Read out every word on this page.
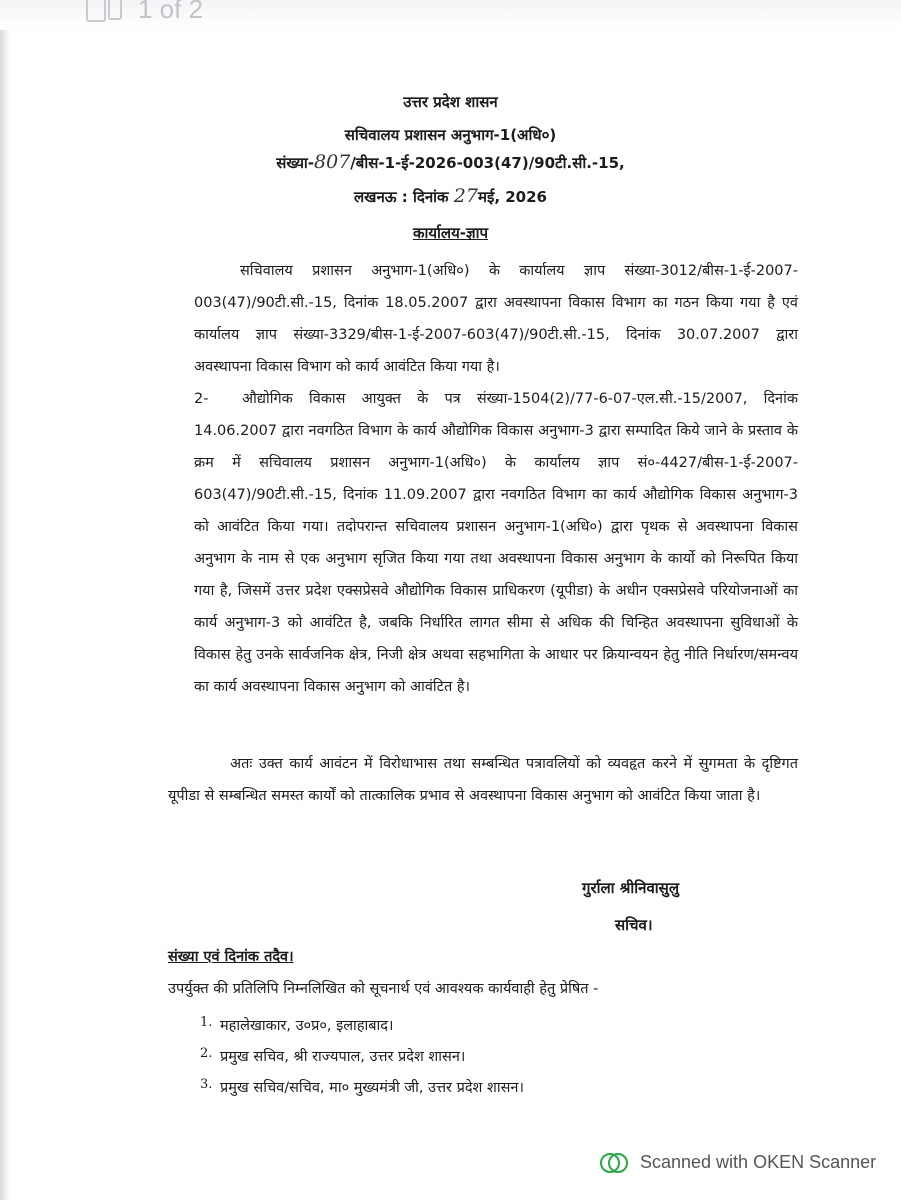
1 of 2

उत्तर प्रदेश शासन

सचिवालय प्रशासन अनुभाग-1(अधि०)

संख्या-807/बीस-1-ई-2026-003(47)/90टी.सी.-15,

लखनऊ : दिनांक 27मई, 2026

कार्यालय-ज्ञाप

सचिवालय प्रशासन अनुभाग-1(अधि०) के कार्यालय ज्ञाप संख्या-3012/बीस-1-ई-2007-003(47)/90टी.सी.-15, दिनांक 18.05.2007 द्वारा अवस्थापना विकास विभाग का गठन किया गया है एवं कार्यालय ज्ञाप संख्या-3329/बीस-1-ई-2007-603(47)/90टी.सी.-15, दिनांक 30.07.2007 द्वारा अवस्थापना विकास विभाग को कार्य आवंटित किया गया है।

2- औद्योगिक विकास आयुक्त के पत्र संख्या-1504(2)/77-6-07-एल.सी.-15/2007, दिनांक 14.06.2007 द्वारा नवगठित विभाग के कार्य औद्योगिक विकास अनुभाग-3 द्वारा सम्पादित किये जाने के प्रस्ताव के क्रम में सचिवालय प्रशासन अनुभाग-1(अधि०) के कार्यालय ज्ञाप सं०-4427/बीस-1-ई-2007-603(47)/90टी.सी.-15, दिनांक 11.09.2007 द्वारा नवगठित विभाग का कार्य औद्योगिक विकास अनुभाग-3 को आवंटित किया गया। तदोपरान्त सचिवालय प्रशासन अनुभाग-1(अधि०) द्वारा पृथक से अवस्थापना विकास अनुभाग के नाम से एक अनुभाग सृजित किया गया तथा अवस्थापना विकास अनुभाग के कार्यो को निरूपित किया गया है, जिसमें उत्तर प्रदेश एक्सप्रेसवे औद्योगिक विकास प्राधिकरण (यूपीडा) के अधीन एक्सप्रेसवे परियोजनाओं का कार्य अनुभाग-3 को आवंटित है, जबकि निर्धारित लागत सीमा से अधिक की चिन्हित अवस्थापना सुविधाओं के विकास हेतु उनके सार्वजनिक क्षेत्र, निजी क्षेत्र अथवा सहभागिता के आधार पर क्रियान्वयन हेतु नीति निर्धारण/समन्वय का कार्य अवस्थापना विकास अनुभाग को आवंटित है।

अतः उक्त कार्य आवंटन में विरोधाभास तथा सम्बन्धित पत्रावलियों को व्यवहृत करने में सुगमता के दृष्टिगत यूपीडा से सम्बन्धित समस्त कार्यों को तात्कालिक प्रभाव से अवस्थापना विकास अनुभाग को आवंटित किया जाता है।

गुर्राला श्रीनिवासुलु

सचिव।

संख्या एवं दिनांक तदैव।

उपर्युक्त की प्रतिलिपि निम्नलिखित को सूचनार्थ एवं आवश्यक कार्यवाही हेतु प्रेषित -

1. महालेखाकार, उ०प्र०, इलाहाबाद।
2. प्रमुख सचिव, श्री राज्यपाल, उत्तर प्रदेश शासन।
3. प्रमुख सचिव/सचिव, मा० मुख्यमंत्री जी, उत्तर प्रदेश शासन।
Scanned with OKEN Scanner
